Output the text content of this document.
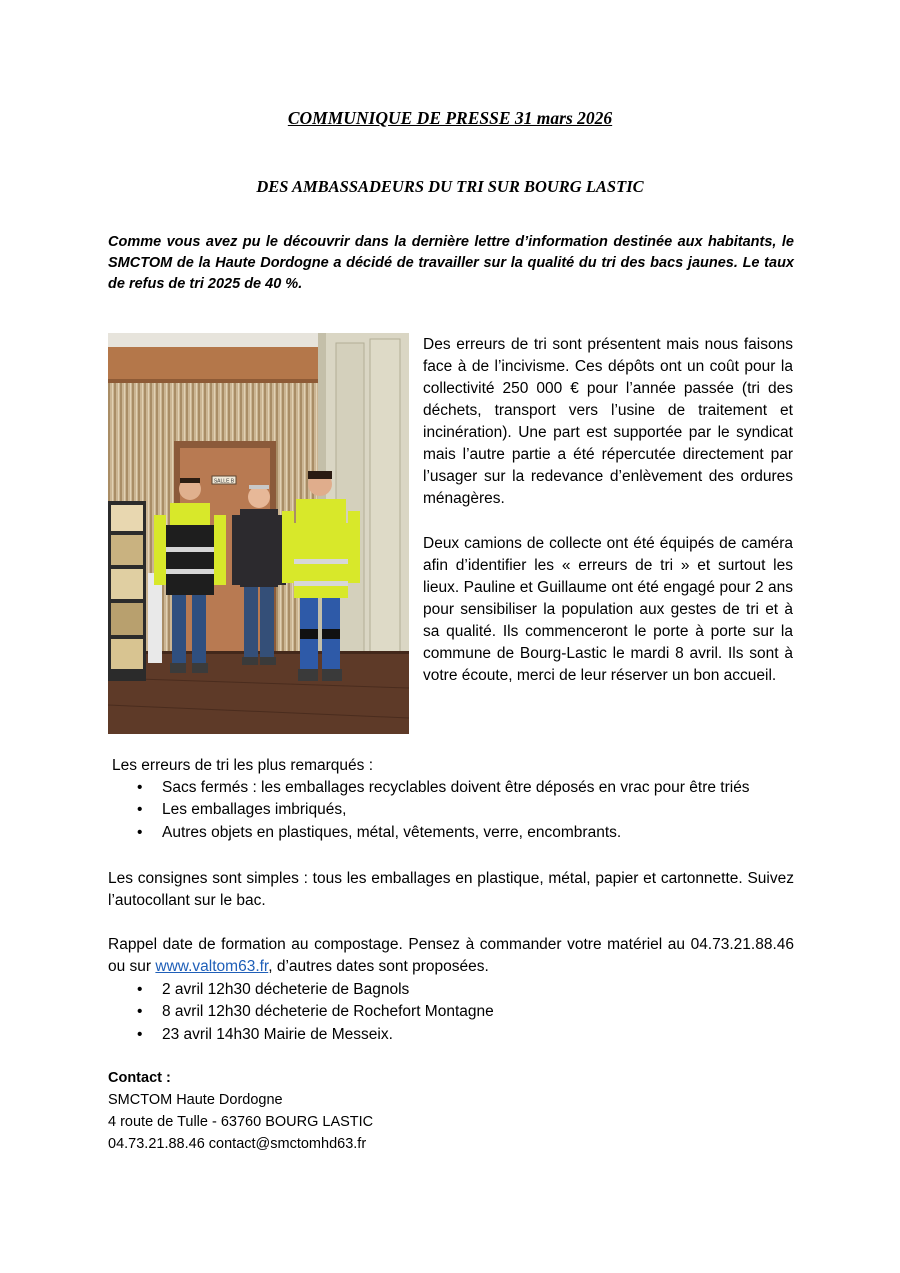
COMMUNIQUE DE PRESSE 31 mars 2026
DES AMBASSADEURS DU TRI SUR BOURG LASTIC
Comme vous avez pu le découvrir dans la dernière lettre d’information destinée aux habitants, le SMCTOM de la Haute Dordogne a décidé de travailler sur la qualité du tri des bacs jaunes. Le taux de refus de tri 2025 de 40 %.
SALLE B
Des erreurs de tri sont présentent mais nous faisons face à de l’incivisme. Ces dépôts ont un coût pour la collectivité 250 000 € pour l’année passée (tri des déchets, transport vers l’usine de traitement et incinération). Une part est supportée par le syndicat mais l’autre partie a été répercutée directement par l’usager sur la redevance d’enlèvement des ordures ménagères.
Deux camions de collecte ont été équipés de caméra afin d’identifier les « erreurs de tri » et surtout les lieux. Pauline et Guillaume ont été engagé pour 2 ans pour sensibiliser la population aux gestes de tri et à sa qualité. Ils commenceront le porte à porte sur la commune de Bourg-Lastic le mardi 8 avril. Ils sont à votre écoute, merci de leur réserver un bon accueil.
Les erreurs de tri les plus remarqués :
• Sacs fermés : les emballages recyclables doivent être déposés en vrac pour être triés
• Les emballages imbriqués,
• Autres objets en plastiques, métal, vêtements, verre, encombrants.
Les consignes sont simples : tous les emballages en plastique, métal, papier et cartonnette. Suivez l’autocollant sur le bac.
Rappel date de formation au compostage. Pensez à commander votre matériel au 04.73.21.88.46 ou sur www.valtom63.fr, d’autres dates sont proposées.
• 2 avril 12h30 décheterie de Bagnols
• 8 avril 12h30 décheterie de Rochefort Montagne
• 23 avril 14h30 Mairie de Messeix.
Contact :
SMCTOM Haute Dordogne
4 route de Tulle - 63760 BOURG LASTIC
04.73.21.88.46 contact@smctomhd63.fr
